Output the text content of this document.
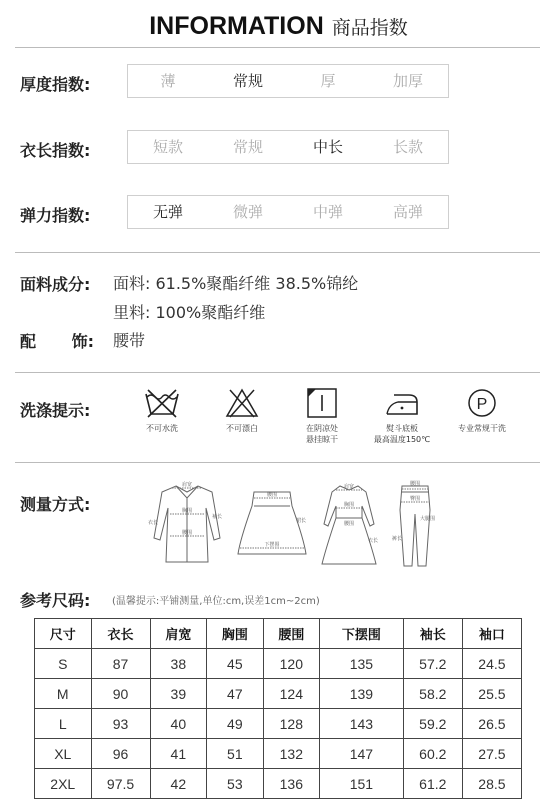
INFORMATION 商品指数
厚度指数:	薄	常规	厚	加厚
衣长指数:	短款	常规	中长	长款
弹力指数:	无弹	微弹	中弹	高弹
面料成分: 面料: 61.5%聚酯纤维 38.5%锦纶
里料: 100%聚酯纤维
配 饰: 腰带
洗涤提示:
不可水洗	不可漂白	在阴凉处
悬挂晾干
熨斗底板
最高温度150℃
P
专业常规干洗
测量方式:
肩宽
胸围
腰围
袖长
衣长
腰围
下摆围
裙长
肩宽
胸围
腰围
衣长
腰围
臀围
大腿围
裤长
参考尺码: (温馨提示:平铺测量,单位:cm,误差1cm~2cm)
尺寸	衣长	肩宽	胸围	腰围	下摆围	袖长	袖口
S	87	38	45	120	135	57.2	24.5
M	90	39	47	124	139	58.2	25.5
L	93	40	49	128	143	59.2	26.5
XL	96	41	51	132	147	60.2	27.5
2XL	97.5	42	53	136	151	61.2	28.5
